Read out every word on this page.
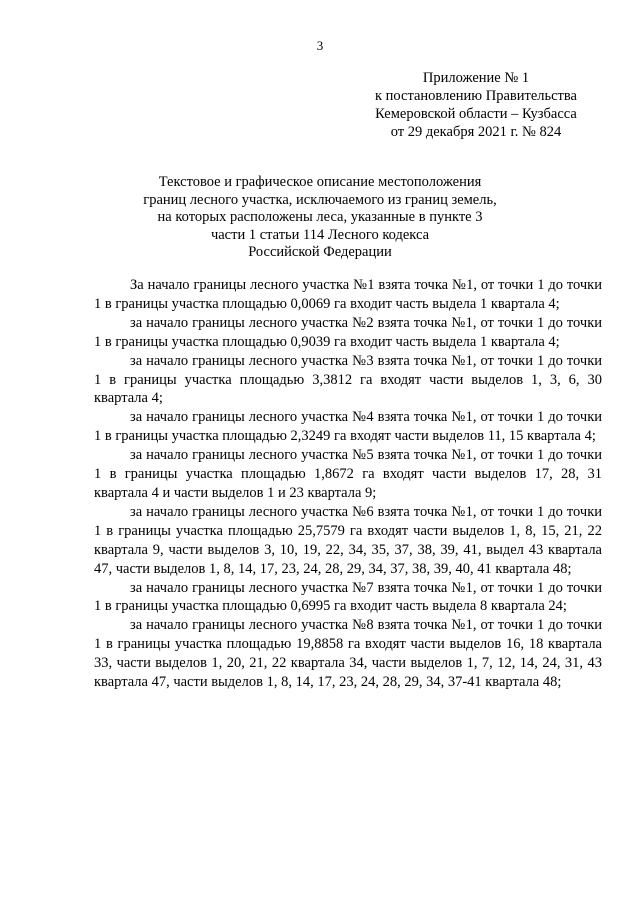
3
Приложение № 1
к постановлению Правительства
Кемеровской области – Кузбасса
от 29 декабря 2021 г. № 824
Текстовое и графическое описание местоположения
границ лесного участка, исключаемого из границ земель,
на которых расположены леса, указанные в пункте 3
части 1 статьи 114 Лесного кодекса
Российской Федерации

За начало границы лесного участка №1 взята точка №1, от точки 1 до точки 1 в границы участка площадью 0,0069 га входит часть выдела 1 квартала 4;

за начало границы лесного участка №2 взята точка №1, от точки 1 до точки 1 в границы участка площадью 0,9039 га входит часть выдела 1 квартала 4;

за начало границы лесного участка №3 взята точка №1, от точки 1 до точки 1 в границы участка площадью 3,3812 га входят части выделов 1, 3, 6, 30 квартала 4;

за начало границы лесного участка №4 взята точка №1, от точки 1 до точки 1 в границы участка площадью 2,3249 га входят части выделов 11, 15 квартала 4;

за начало границы лесного участка №5 взята точка №1, от точки 1 до точки 1 в границы участка площадью 1,8672 га входят части выделов 17, 28, 31 квартала 4 и части выделов 1 и 23 квартала 9;

за начало границы лесного участка №6 взята точка №1, от точки 1 до точки 1 в границы участка площадью 25,7579 га входят части выделов 1, 8, 15, 21, 22 квартала 9, части выделов 3, 10, 19, 22, 34, 35, 37, 38, 39, 41, выдел 43 квартала 47, части выделов 1, 8, 14, 17, 23, 24, 28, 29, 34, 37, 38, 39, 40, 41 квартала 48;

за начало границы лесного участка №7 взята точка №1, от точки 1 до точки 1 в границы участка площадью 0,6995 га входит часть выдела 8 квартала 24;

за начало границы лесного участка №8 взята точка №1, от точки 1 до точки 1 в границы участка площадью 19,8858 га входят части выделов 16, 18 квартала 33, части выделов 1, 20, 21, 22 квартала 34, части выделов 1, 7, 12, 14, 24, 31, 43 квартала 47, части выделов 1, 8, 14, 17, 23, 24, 28, 29, 34, 37-41 квартала 48;
